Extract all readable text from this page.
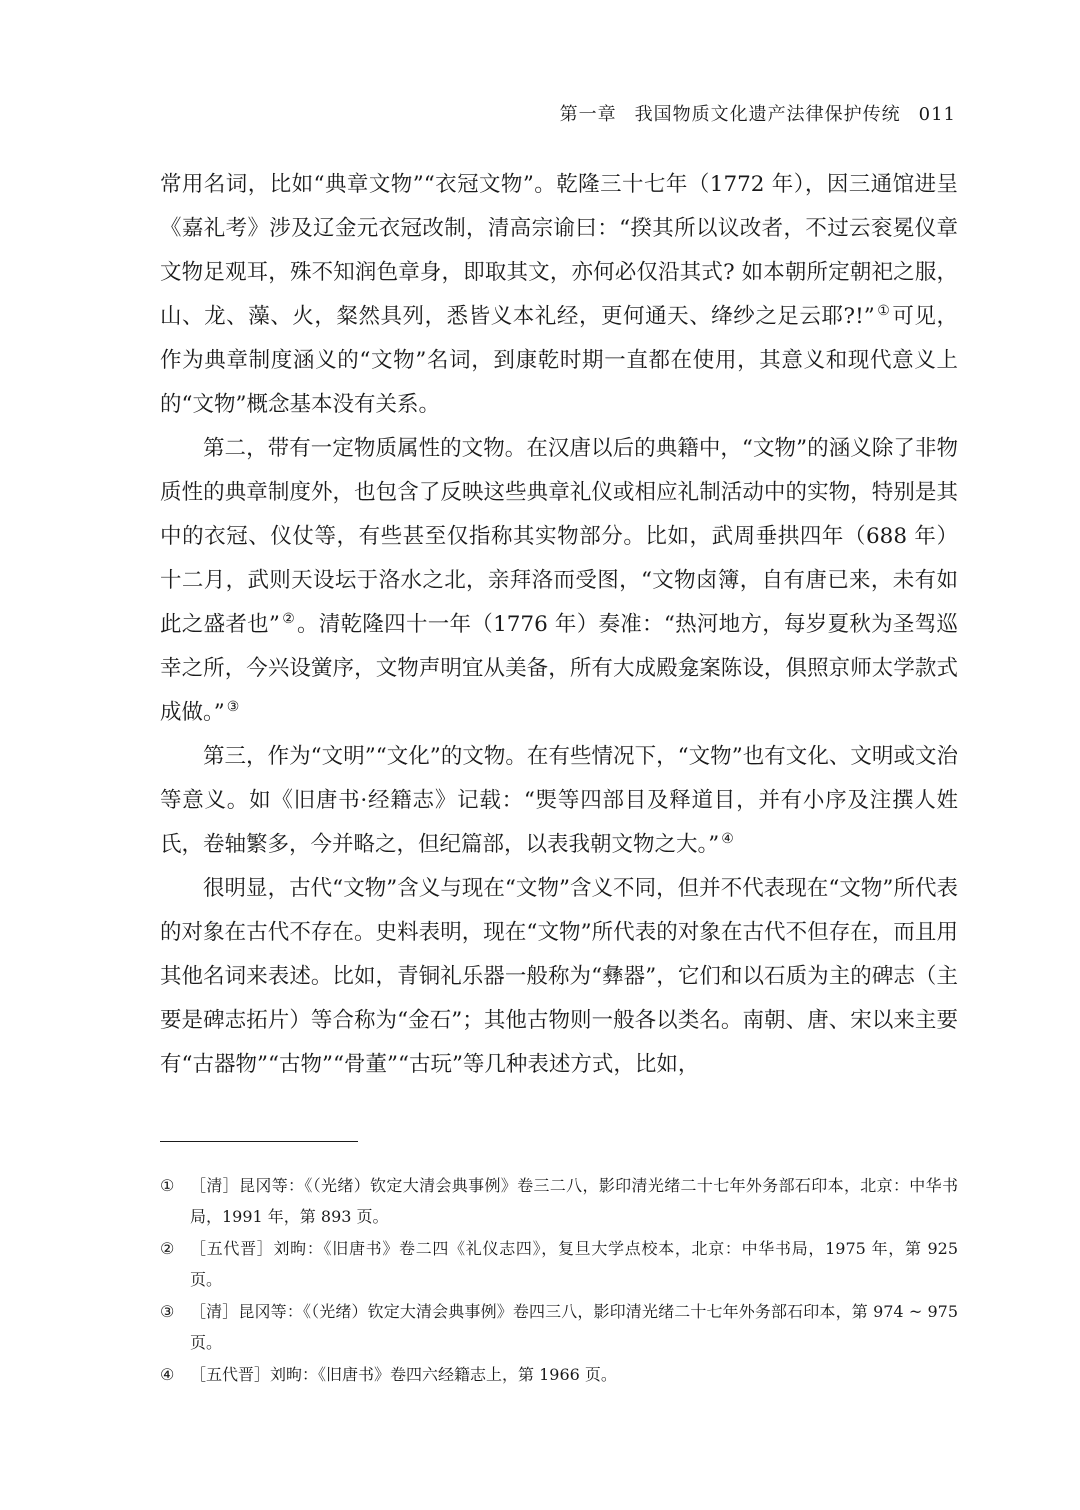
第一章 我国物质文化遗产法律保护传统 011

常用名词，比如“典章文物”“衣冠文物”。乾隆三十七年（1772 年），因三通馆进呈《嘉礼考》涉及辽金元衣冠改制，清高宗谕曰：“揆其所以议改者，不过云衮冕仪章文物足观耳，殊不知润色章身，即取其文，亦何必仅沿其式? 如本朝所定朝祀之服，山、龙、藻、火，粲然具列，悉皆义本礼经，更何通天、绛纱之足云耶?!” ①可见，作为典章制度涵义的“文物”名词，到康乾时期一直都在使用，其意义和现代意义上的“文物”概念基本没有关系。

第二，带有一定物质属性的文物。在汉唐以后的典籍中，“文物”的涵义除了非物质性的典章制度外，也包含了反映这些典章礼仪或相应礼制活动中的实物，特别是其中的衣冠、仪仗等，有些甚至仅指称其实物部分。比如，武周垂拱四年（688 年）十二月，武则天设坛于洛水之北，亲拜洛而受图，“文物卤簿，自有唐已来，未有如此之盛者也” ②。清乾隆四十一年（1776 年）奏准：“热河地方，每岁夏秋为圣驾巡幸之所，今兴设黉序，文物声明宜从美备，所有大成殿龛案陈设，俱照京师太学款式成做。” ③

第三，作为“文明”“文化”的文物。在有些情况下，“文物”也有文化、文明或文治等意义。如《旧唐书·经籍志》记载：“煚等四部目及释道目，并有小序及注撰人姓氏，卷轴繁多，今并略之，但纪篇部，以表我朝文物之大。” ④

很明显，古代“文物”含义与现在“文物”含义不同，但并不代表现在“文物”所代表的对象在古代不存在。史料表明，现在“文物”所代表的对象在古代不但存在，而且用其他名词来表述。比如，青铜礼乐器一般称为“彝器”，它们和以石质为主的碑志（主要是碑志拓片）等合称为“金石”；其他古物则一般各以类名。南朝、唐、宋以来主要有“古器物”“古物”“骨董”“古玩”等几种表述方式，比如，

① ［清］昆冈等：《（光绪）钦定大清会典事例》卷三二八，影印清光绪二十七年外务部石印本，北京：中华书局，1991 年，第 893 页。
② ［五代晋］刘昫：《旧唐书》卷二四《礼仪志四》，复旦大学点校本，北京：中华书局，1975 年，第 925 页。
③ ［清］昆冈等：《（光绪）钦定大清会典事例》卷四三八，影印清光绪二十七年外务部石印本，第 974 ~ 975 页。
④ ［五代晋］刘昫：《旧唐书》卷四六经籍志上，第 1966 页。
